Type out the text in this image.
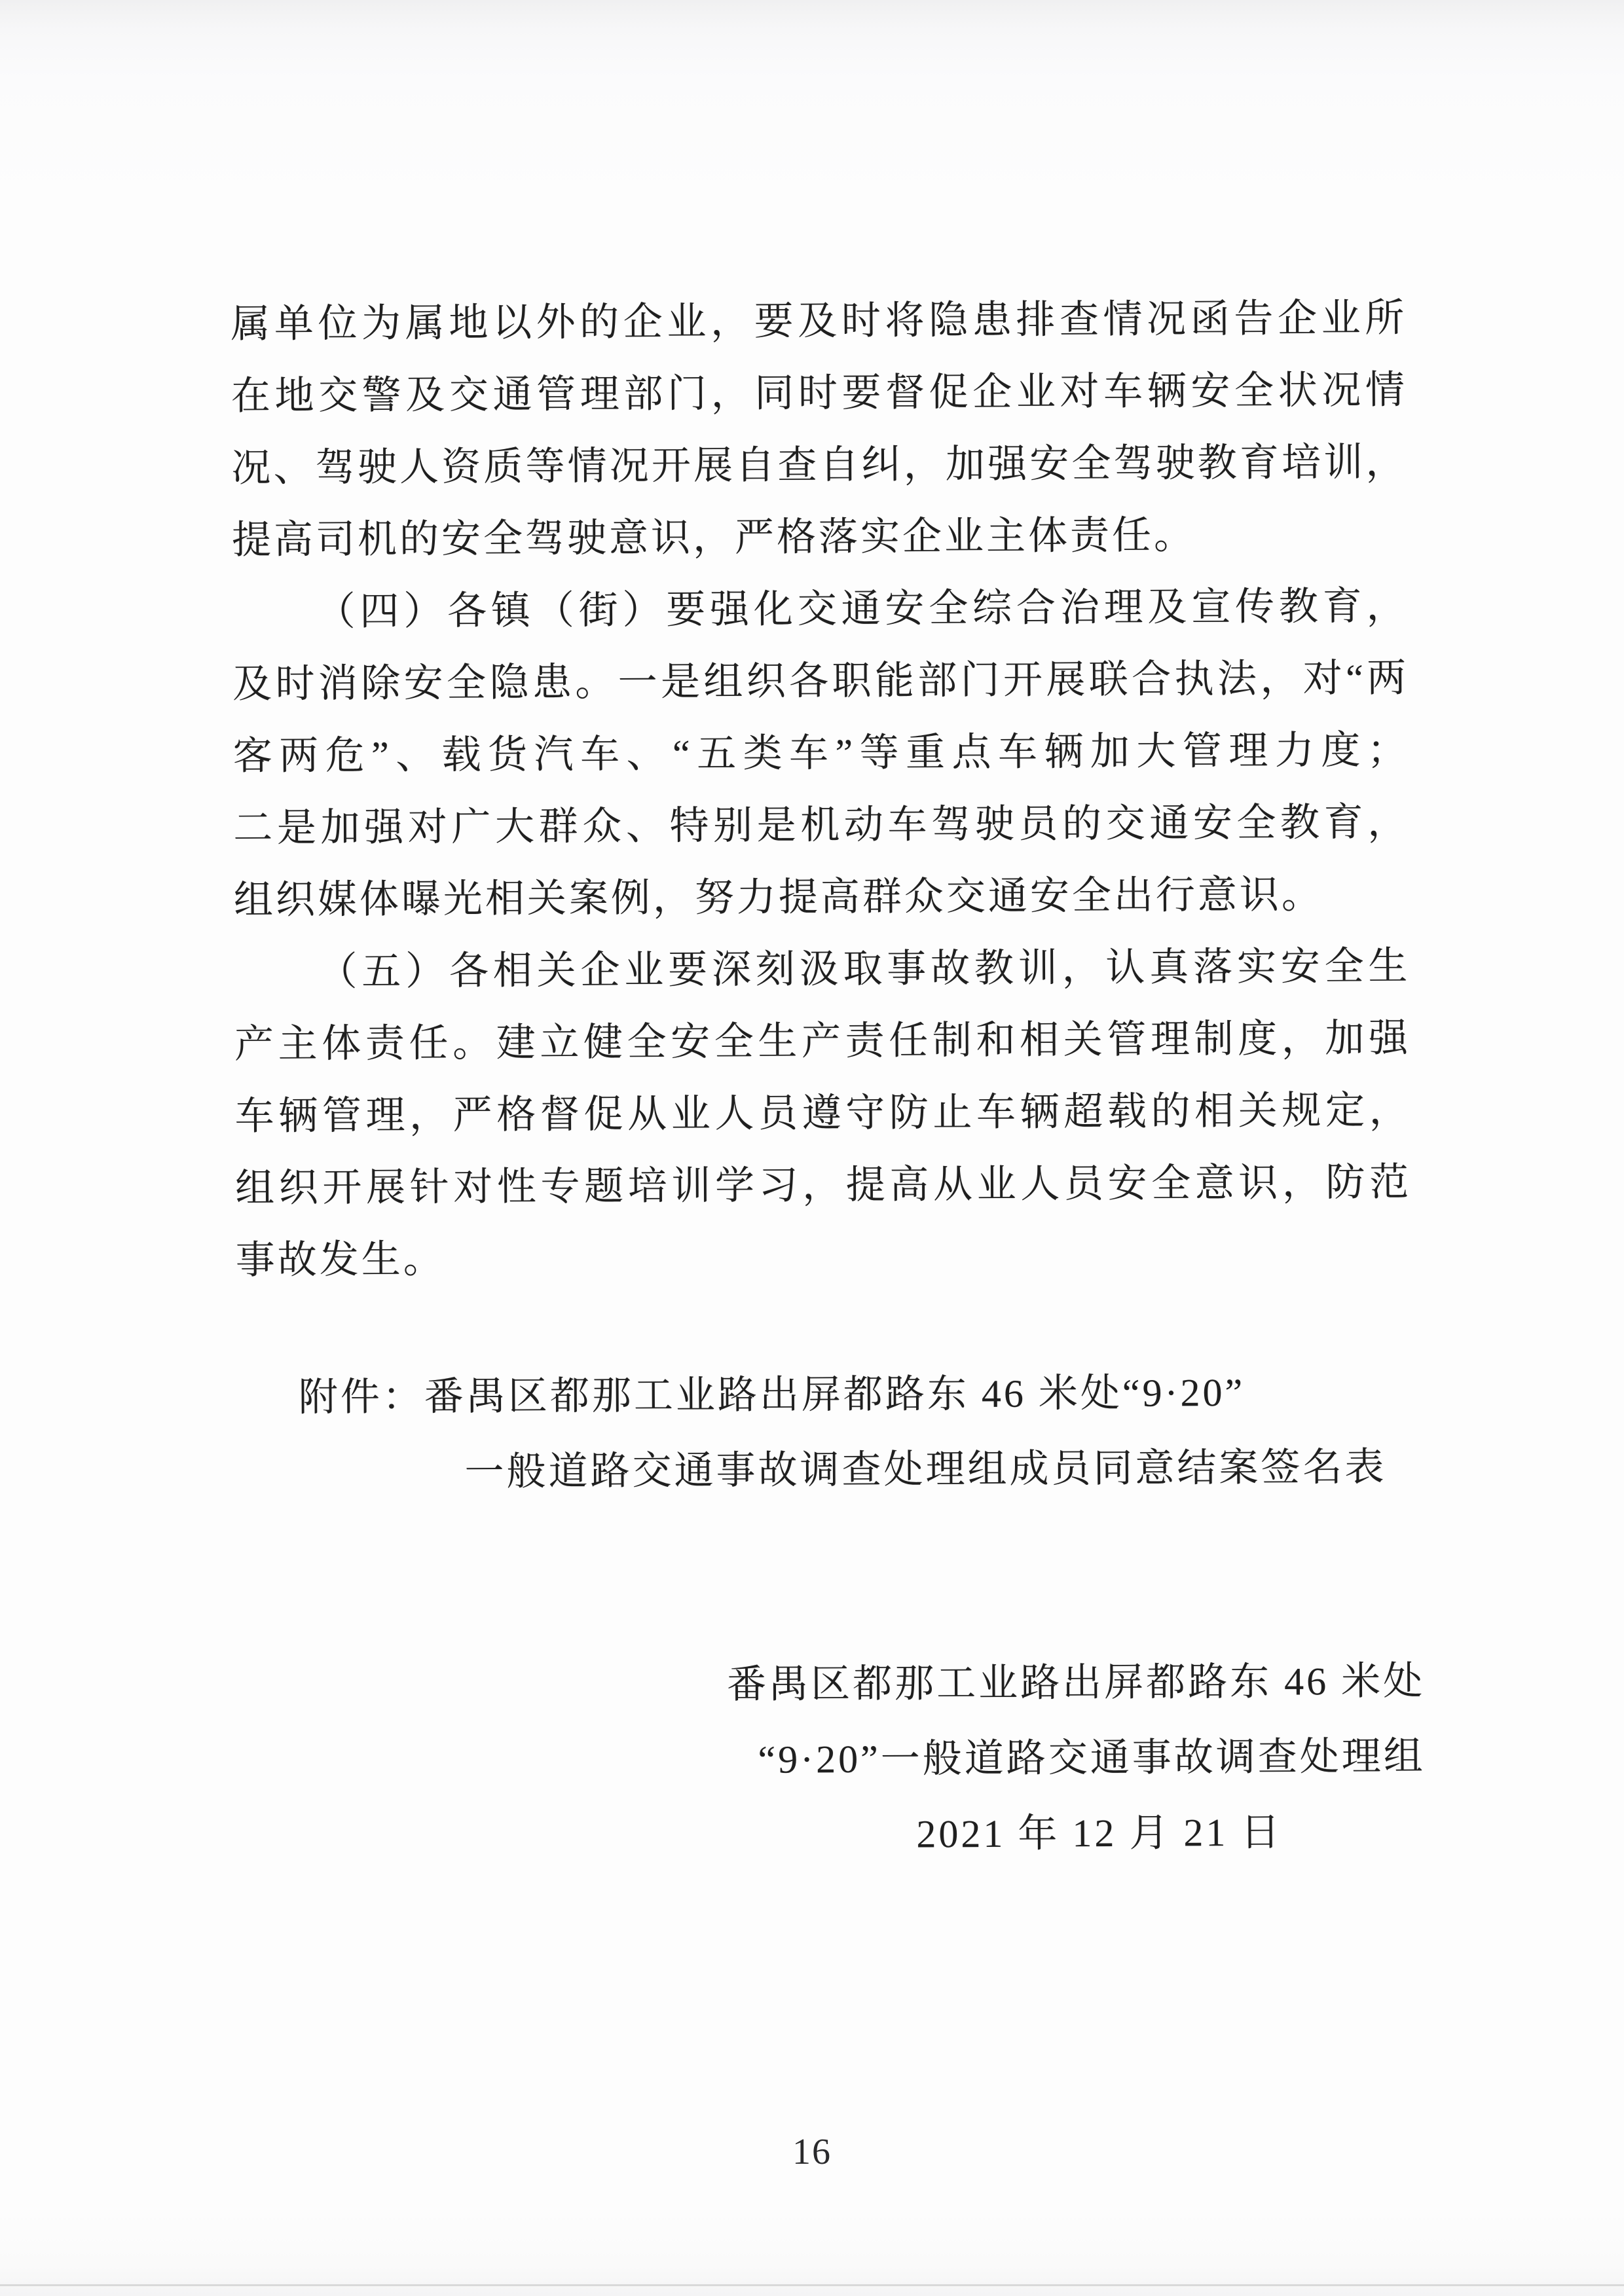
属单位为属地以外的企业，要及时将隐患排查情况函告企业所
在地交警及交通管理部门，同时要督促企业对车辆安全状况情
况、驾驶人资质等情况开展自查自纠，加强安全驾驶教育培训，
提高司机的安全驾驶意识，严格落实企业主体责任。
（四）各镇（街）要强化交通安全综合治理及宣传教育，
及时消除安全隐患。一是组织各职能部门开展联合执法，对“两
客两危”、载货汽车、“五类车”等重点车辆加大管理力度；
二是加强对广大群众、特别是机动车驾驶员的交通安全教育，
组织媒体曝光相关案例，努力提高群众交通安全出行意识。
（五）各相关企业要深刻汲取事故教训，认真落实安全生
产主体责任。建立健全安全生产责任制和相关管理制度，加强
车辆管理，严格督促从业人员遵守防止车辆超载的相关规定，
组织开展针对性专题培训学习，提高从业人员安全意识，防范
事故发生。
附件：番禺区都那工业路出屏都路东 46 米处“9·20”
一般道路交通事故调查处理组成员同意结案签名表
番禺区都那工业路出屏都路东 46 米处
“9·20”一般道路交通事故调查处理组
2021 年 12 月 21 日
16
